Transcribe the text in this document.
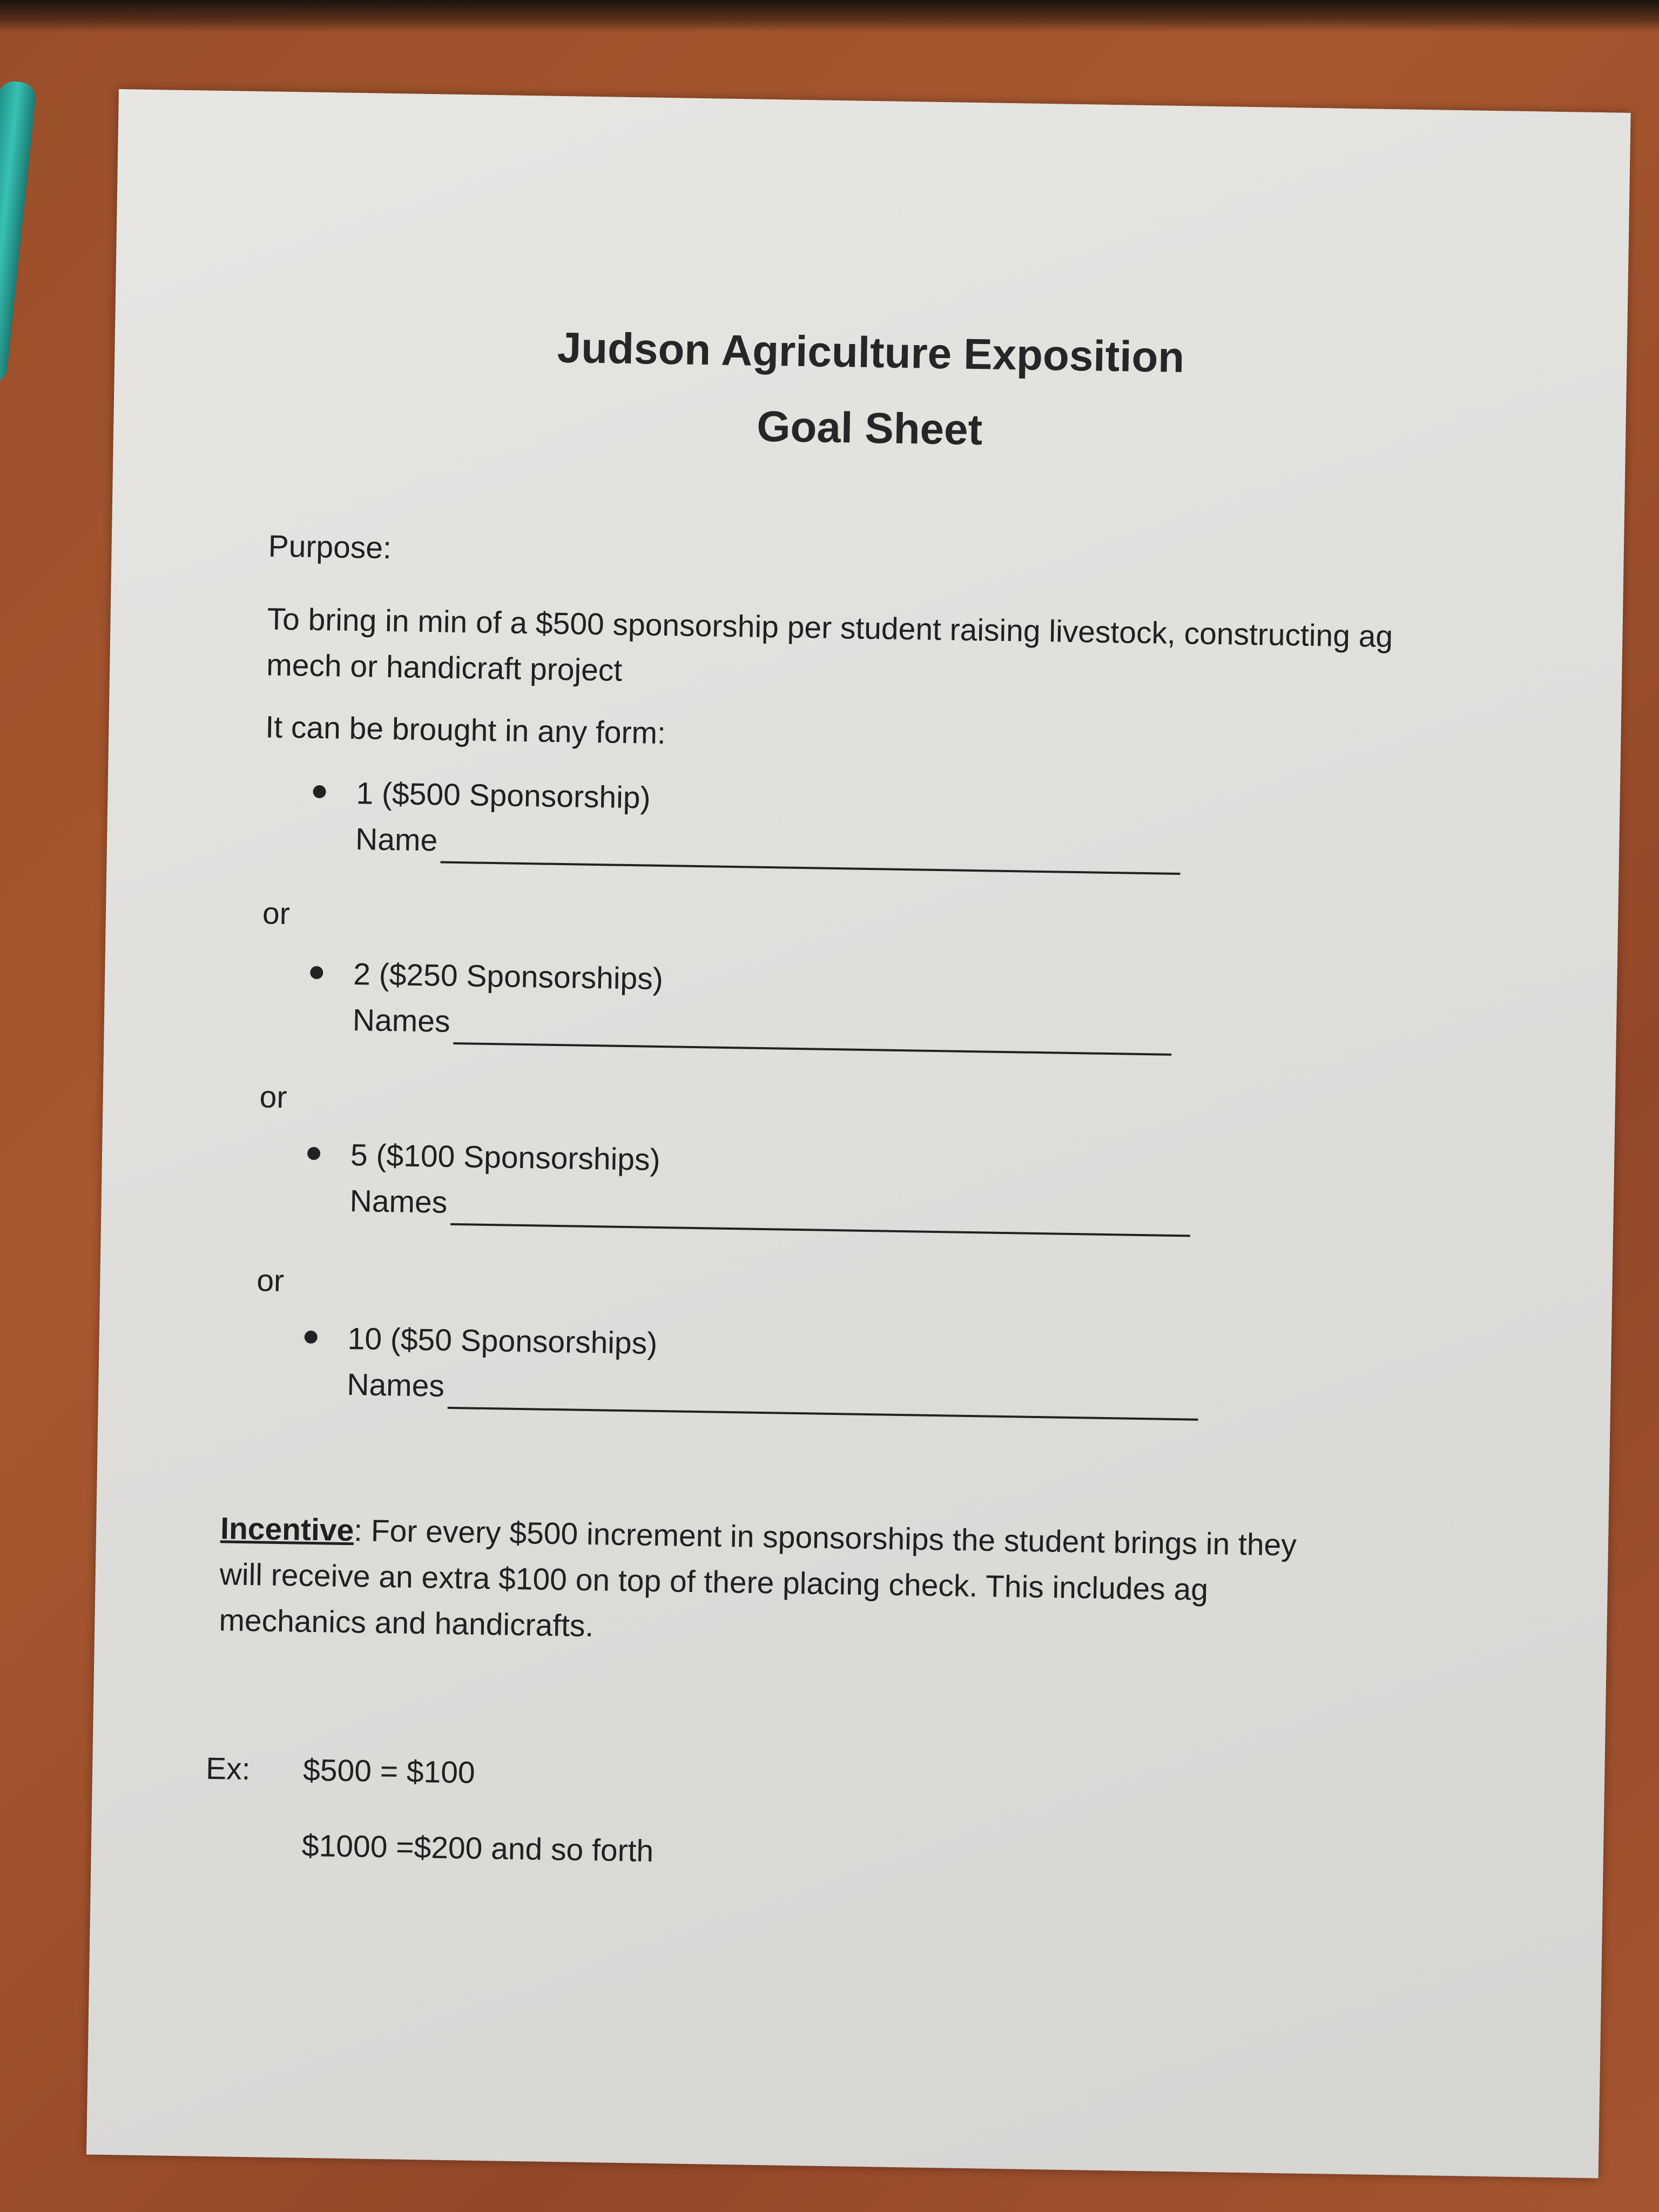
Judson Agriculture Exposition
Goal Sheet
Purpose:
To bring in min of a $500 sponsorship per student raising livestock, constructing ag
mech or handicraft project
It can be brought in any form:
1 ($500 Sponsorship)
Name
or
2 ($250 Sponsorships)
Names
or
5 ($100 Sponsorships)
Names
or
10 ($50 Sponsorships)
Names
Incentive: For every $500 increment in sponsorships the student brings in they
will receive an extra $100 on top of there placing check. This includes ag
mechanics and handicrafts.
Ex: $500 = $100
$1000 =$200 and so forth
